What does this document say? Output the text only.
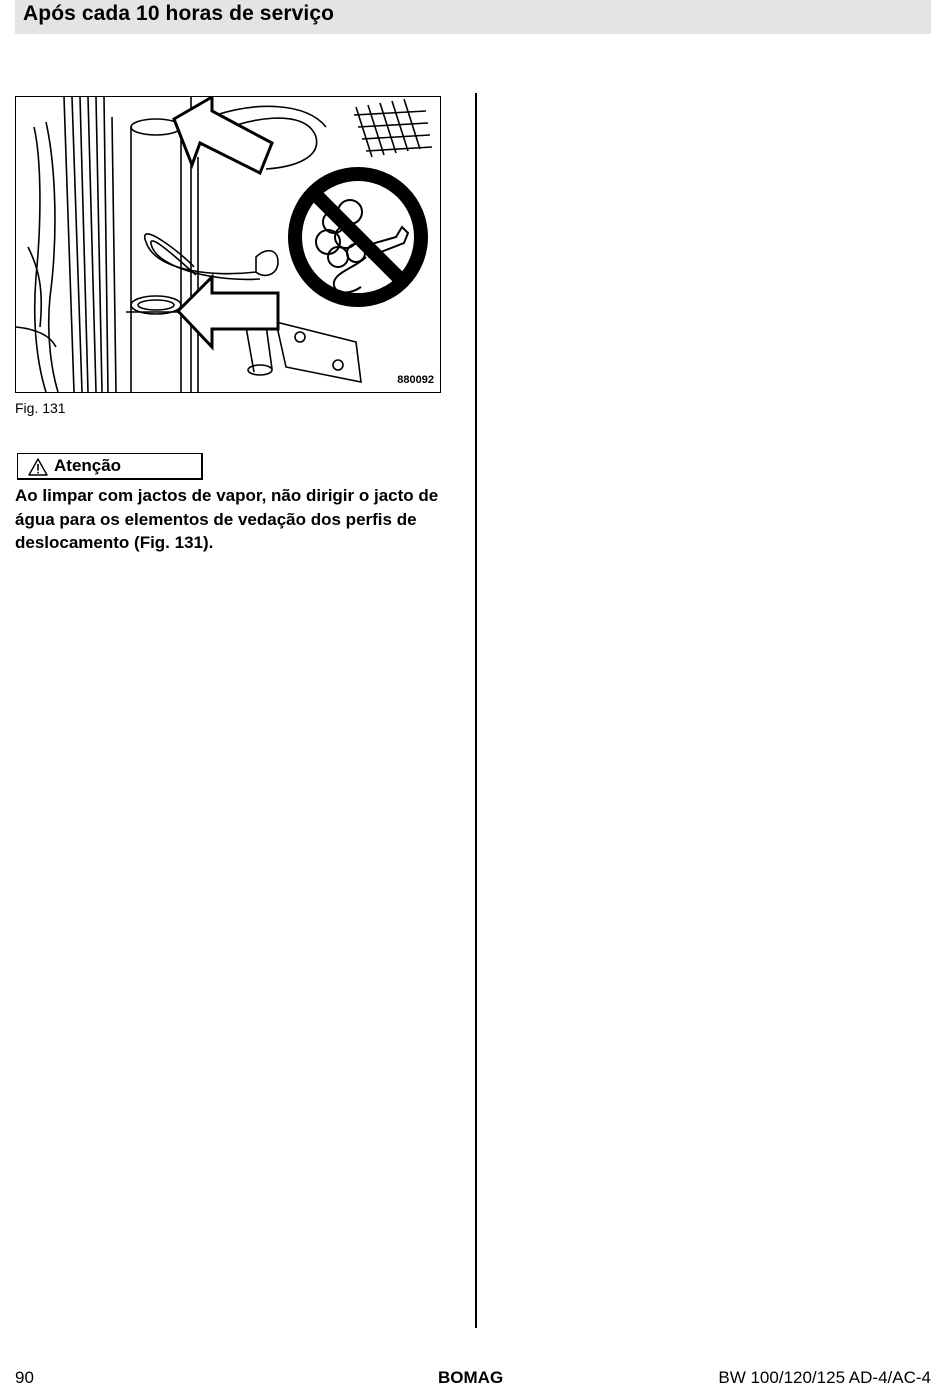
Após cada 10 horas de serviço
880092
Fig. 131
Atenção
Ao limpar com jactos de vapor, não dirigir o jacto de água para os elementos de vedação dos perfis de deslocamento (Fig. 131).
90	BOMAG	BW 100/120/125 AD-4/AC-4
